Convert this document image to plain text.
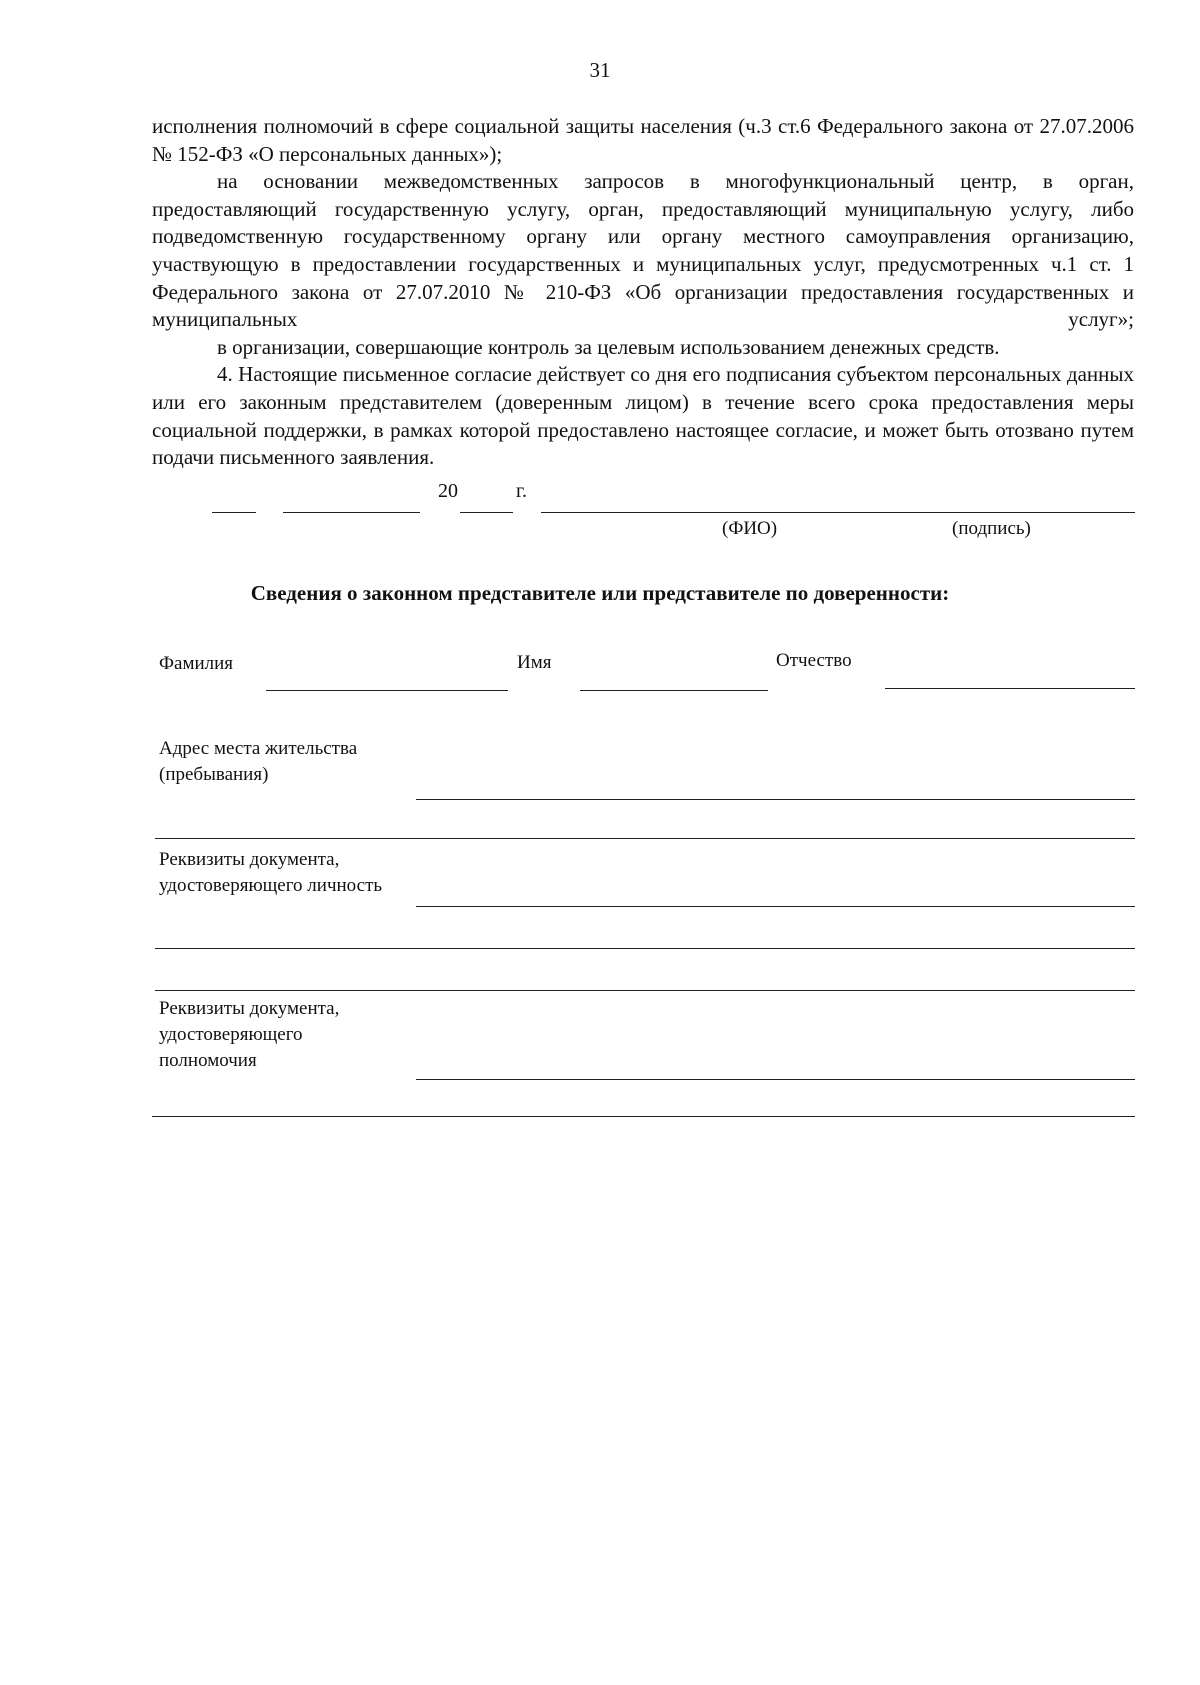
31

исполнения полномочий в сфере социальной защиты населения (ч.3 ст.6 Федерального закона от 27.07.2006 № 152-ФЗ «О персональных данных»);

на основании межведомственных запросов в многофункциональный центр, в орган, предоставляющий государственную услугу, орган, предоставляющий муниципальную услугу, либо подведомственную государственному органу или органу местного самоуправления организацию, участвующую в предоставлении государственных и муниципальных услуг, предусмотренных ч.1 ст. 1 Федерального закона от 27.07.2010 № 210-ФЗ «Об организации предоставления государственных и муниципальных услуг»;

в организации, совершающие контроль за целевым использованием денежных средств.

4. Настоящие письменное согласие действует со дня его подписания субъектом персональных данных или его законным представителем (доверенным лицом) в течение всего срока предоставления меры социальной поддержки, в рамках которой предоставлено настоящее согласие, и может быть отозвано путем подачи письменного заявления.

20	г.
(ФИО)	(подпись)
Сведения о законном представителе или представителе по доверенности:
Фамилия	Имя	Отчество
Адрес места жительства
(пребывания)
Реквизиты документа,
удостоверяющего личность
Реквизиты документа,
удостоверяющего
полномочия
